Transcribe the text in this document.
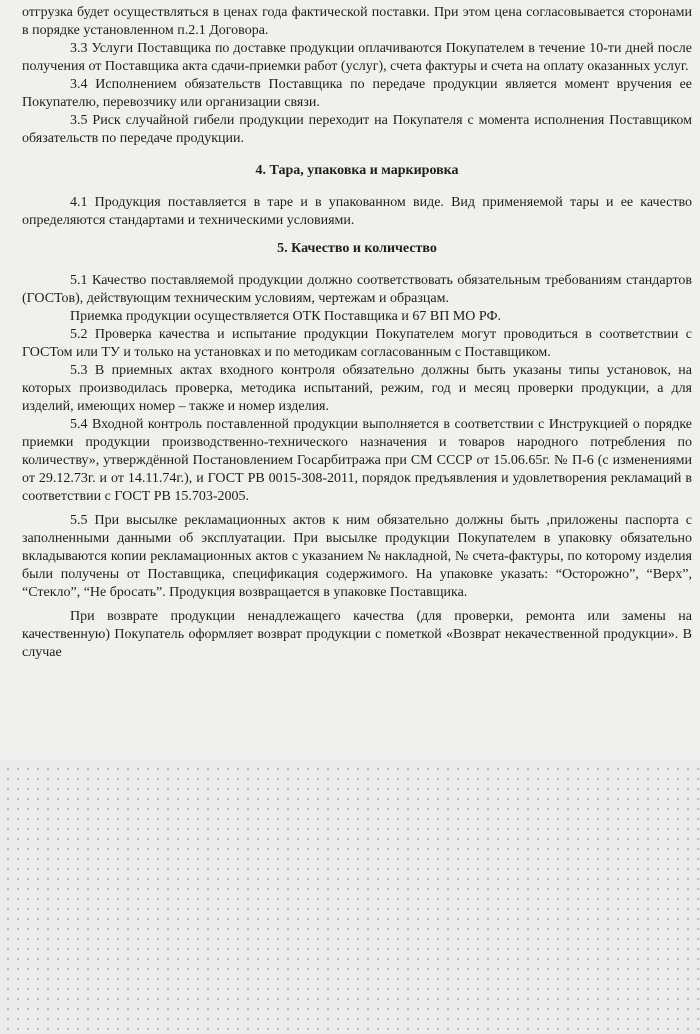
отгрузка будет осуществляться в ценах года фактической поставки. При этом цена согласовывается сторонами в порядке установленном п.2.1 Договора.

3.3 Услуги Поставщика по доставке продукции оплачиваются Покупателем в течение 10-ти дней после получения от Поставщика акта сдачи-приемки работ (услуг), счета фактуры и счета на оплату оказанных услуг.

3.4 Исполнением обязательств Поставщика по передаче продукции является момент вручения ее Покупателю, перевозчику или организации связи.

3.5 Риск случайной гибели продукции переходит на Покупателя с момента исполнения Поставщиком обязательств по передаче продукции.

4. Тара, упаковка и маркировка

4.1 Продукция поставляется в таре и в упакованном виде. Вид применяемой тары и ее качество определяются стандартами и техническими условиями.

5. Качество и количество

5.1 Качество поставляемой продукции должно соответствовать обязательным требованиям стандартов (ГОСТов), действующим техническим условиям, чертежам и образцам.

Приемка продукции осуществляется ОТК Поставщика и 67 ВП МО РФ.

5.2 Проверка качества и испытание продукции Покупателем могут проводиться в соответствии с ГОСТом или ТУ и только на установках и по методикам согласованным с Поставщиком.

5.3 В приемных актах входного контроля обязательно должны быть указаны типы установок, на которых производилась проверка, методика испытаний, режим, год и месяц проверки продукции, а для изделий, имеющих номер – также и номер изделия.

5.4 Входной контроль поставленной продукции выполняется в соответствии с Инструкцией о порядке приемки продукции производственно-технического назначения и товаров народного потребления по количеству», утверждённой Постановлением Госарбитража при СМ СССР от 15.06.65г. № П-6 (с изменениями от 29.12.73г. и от 14.11.74г.), и ГОСТ РВ 0015-308-2011, порядок предъявления и удовлетворения рекламаций в соответствии с ГОСТ РВ 15.703-2005.

5.5 При высылке рекламационных актов к ним обязательно должны быть ,приложены паспорта с заполненными данными об эксплуатации. При высылке продукции Покупателем в упаковку обязательно вкладываются копии рекламационных актов с указанием № накладной, № счета-фактуры, по которому изделия были получены от Поставщика, спецификация содержимого. На упаковке указать: “Осторожно”, “Верх”, “Стекло”, “Не бросать”. Продукция возвращается в упаковке Поставщика.

При возврате продукции ненадлежащего качества (для проверки, ремонта или замены на качественную) Покупатель оформляет возврат продукции с пометкой «Возврат некачественной продукции». В случае
